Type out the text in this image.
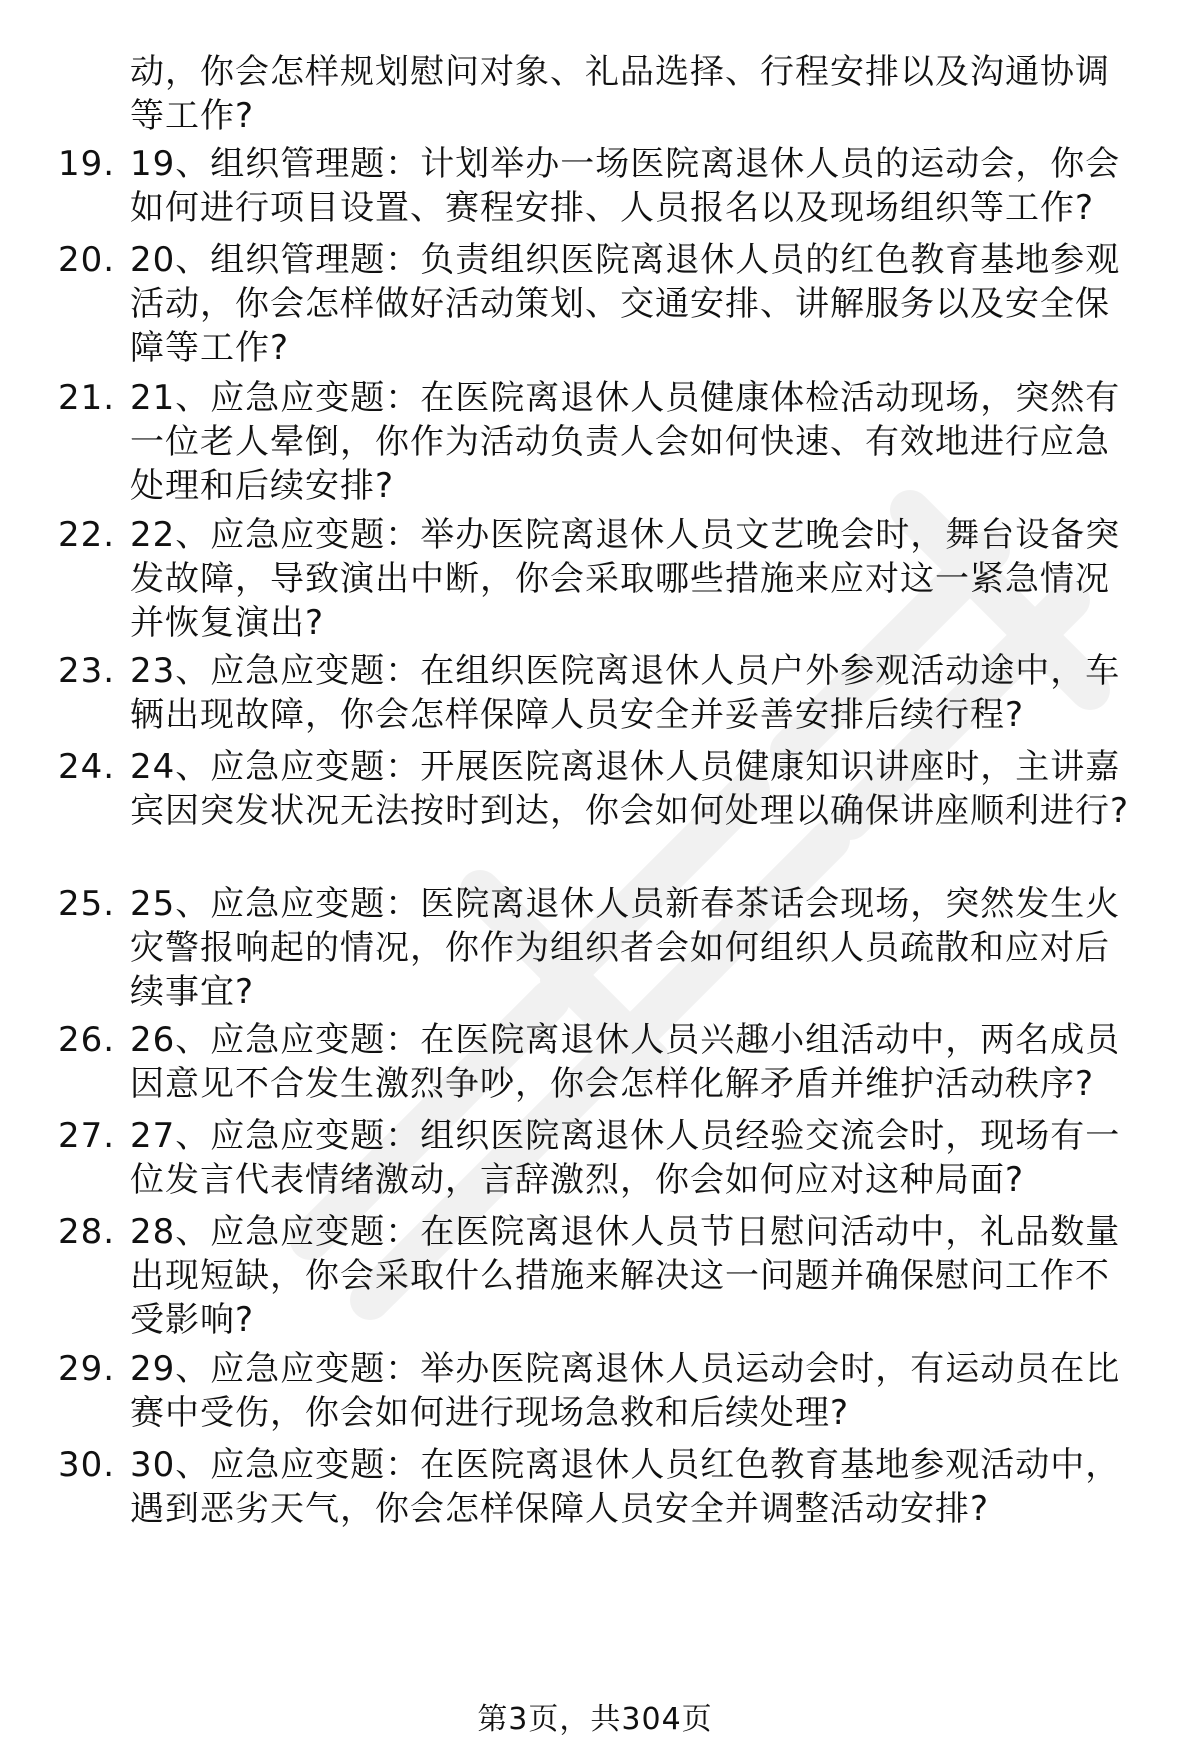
动，你会怎样规划慰问对象、礼品选择、行程安排以及沟通协调等工作?
19. 19、组织管理题：计划举办一场医院离退休人员的运动会，你会如何进行项目设置、赛程安排、人员报名以及现场组织等工作?
20. 20、组织管理题：负责组织医院离退休人员的红色教育基地参观活动，你会怎样做好活动策划、交通安排、讲解服务以及安全保障等工作?
21. 21、应急应变题：在医院离退休人员健康体检活动现场，突然有一位老人晕倒，你作为活动负责人会如何快速、有效地进行应急处理和后续安排?
22. 22、应急应变题：举办医院离退休人员文艺晚会时，舞台设备突发故障，导致演出中断，你会采取哪些措施来应对这一紧急情况并恢复演出?
23. 23、应急应变题：在组织医院离退休人员户外参观活动途中，车辆出现故障，你会怎样保障人员安全并妥善安排后续行程?
24. 24、应急应变题：开展医院离退休人员健康知识讲座时，主讲嘉宾因突发状况无法按时到达，你会如何处理以确保讲座顺利进行?
25. 25、应急应变题：医院离退休人员新春茶话会现场，突然发生火灾警报响起的情况，你作为组织者会如何组织人员疏散和应对后续事宜?
26. 26、应急应变题：在医院离退休人员兴趣小组活动中，两名成员因意见不合发生激烈争吵，你会怎样化解矛盾并维护活动秩序?
27. 27、应急应变题：组织医院离退休人员经验交流会时，现场有一位发言代表情绪激动，言辞激烈，你会如何应对这种局面?
28. 28、应急应变题：在医院离退休人员节日慰问活动中，礼品数量出现短缺，你会采取什么措施来解决这一问题并确保慰问工作不受影响?
29. 29、应急应变题：举办医院离退休人员运动会时，有运动员在比赛中受伤，你会如何进行现场急救和后续处理?
30. 30、应急应变题：在医院离退休人员红色教育基地参观活动中，遇到恶劣天气，你会怎样保障人员安全并调整活动安排?
第3页，共304页
